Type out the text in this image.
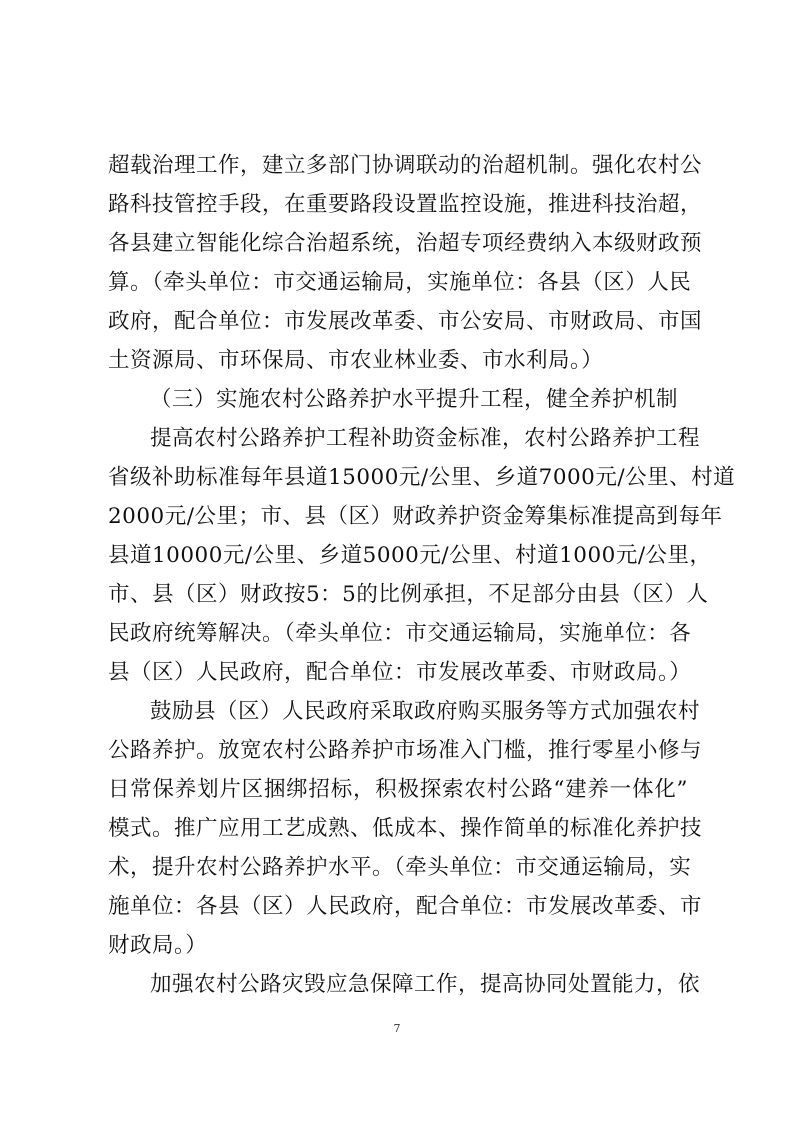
超载治理工作，建立多部门协调联动的治超机制。强化农村公
路科技管控手段，在重要路段设置监控设施，推进科技治超，
各县建立智能化综合治超系统，治超专项经费纳入本级财政预
算。（牵头单位：市交通运输局，实施单位：各县（区）人民
政府，配合单位：市发展改革委、市公安局、市财政局、市国
土资源局、市环保局、市农业林业委、市水利局。）
（三）实施农村公路养护水平提升工程，健全养护机制
提高农村公路养护工程补助资金标准，农村公路养护工程
省级补助标准每年县道15000元/公里、乡道7000元/公里、村道
2000元/公里；市、县（区）财政养护资金筹集标准提高到每年
县道10000元/公里、乡道5000元/公里、村道1000元/公里，
市、县（区）财政按5：5的比例承担，不足部分由县（区）人
民政府统筹解决。（牵头单位：市交通运输局，实施单位：各
县（区）人民政府，配合单位：市发展改革委、市财政局。）
鼓励县（区）人民政府采取政府购买服务等方式加强农村
公路养护。放宽农村公路养护市场准入门槛，推行零星小修与
日常保养划片区捆绑招标，积极探索农村公路“建养一体化”
模式。推广应用工艺成熟、低成本、操作简单的标准化养护技
术，提升农村公路养护水平。（牵头单位：市交通运输局，实
施单位：各县（区）人民政府，配合单位：市发展改革委、市
财政局。）
加强农村公路灾毁应急保障工作，提高协同处置能力，依
7
